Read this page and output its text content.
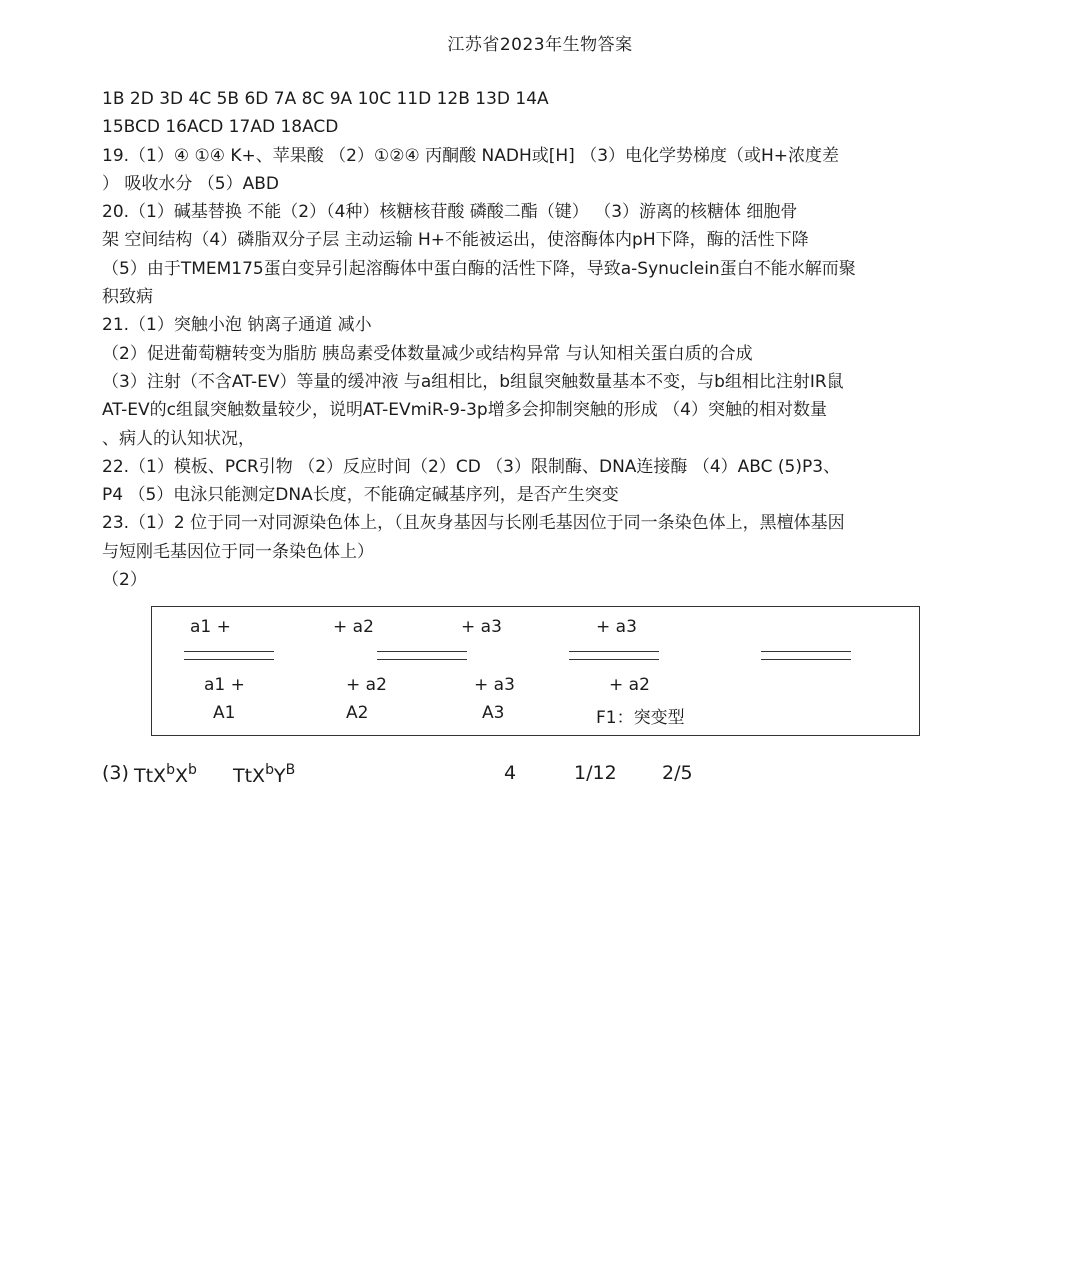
江苏省2023年生物答案
1B 2D 3D 4C 5B 6D 7A 8C 9A 10C 11D 12B 13D 14A
15BCD 16ACD 17AD 18ACD
19.（1）④ ①④ K+、苹果酸 （2）①②④ 丙酮酸 NADH或[H] （3）电化学势梯度（或H+浓度差
） 吸收水分 （5）ABD
20.（1）碱基替换 不能（2）（4种）核糖核苷酸 磷酸二酯（键） （3）游离的核糖体 细胞骨
架 空间结构（4）磷脂双分子层 主动运输 H+不能被运出，使溶酶体内pH下降，酶的活性下降
（5）由于TMEM175蛋白变异引起溶酶体中蛋白酶的活性下降，导致a-Synuclein蛋白不能水解而聚
积致病
21.（1）突触小泡 钠离子通道 减小
（2）促进葡萄糖转变为脂肪 胰岛素受体数量减少或结构异常 与认知相关蛋白质的合成
（3）注射（不含AT-EV）等量的缓冲液 与a组相比，b组鼠突触数量基本不变，与b组相比注射IR鼠
AT-EV的c组鼠突触数量较少，说明AT-EVmiR-9-3p增多会抑制突触的形成 （4）突触的相对数量
、病人的认知状况，
22.（1）模板、PCR引物 （2）反应时间（2）CD （3）限制酶、DNA连接酶 （4）ABC (5)P3、
P4 （5）电泳只能测定DNA长度，不能确定碱基序列，是否产生突变
23.（1）2 位于同一对同源染色体上，（且灰身基因与长刚毛基因位于同一条染色体上，黑檀体基因
与短刚毛基因位于同一条染色体上）
（2）
a1 +
a1 +
A1
+ a2
+ a2
A2
+ a3
+ a3
A3
+ a3
+ a2
F1：突变型
(3) $TtX^bX^b$ $TtX^bY^B$	4	1/12 2/5
